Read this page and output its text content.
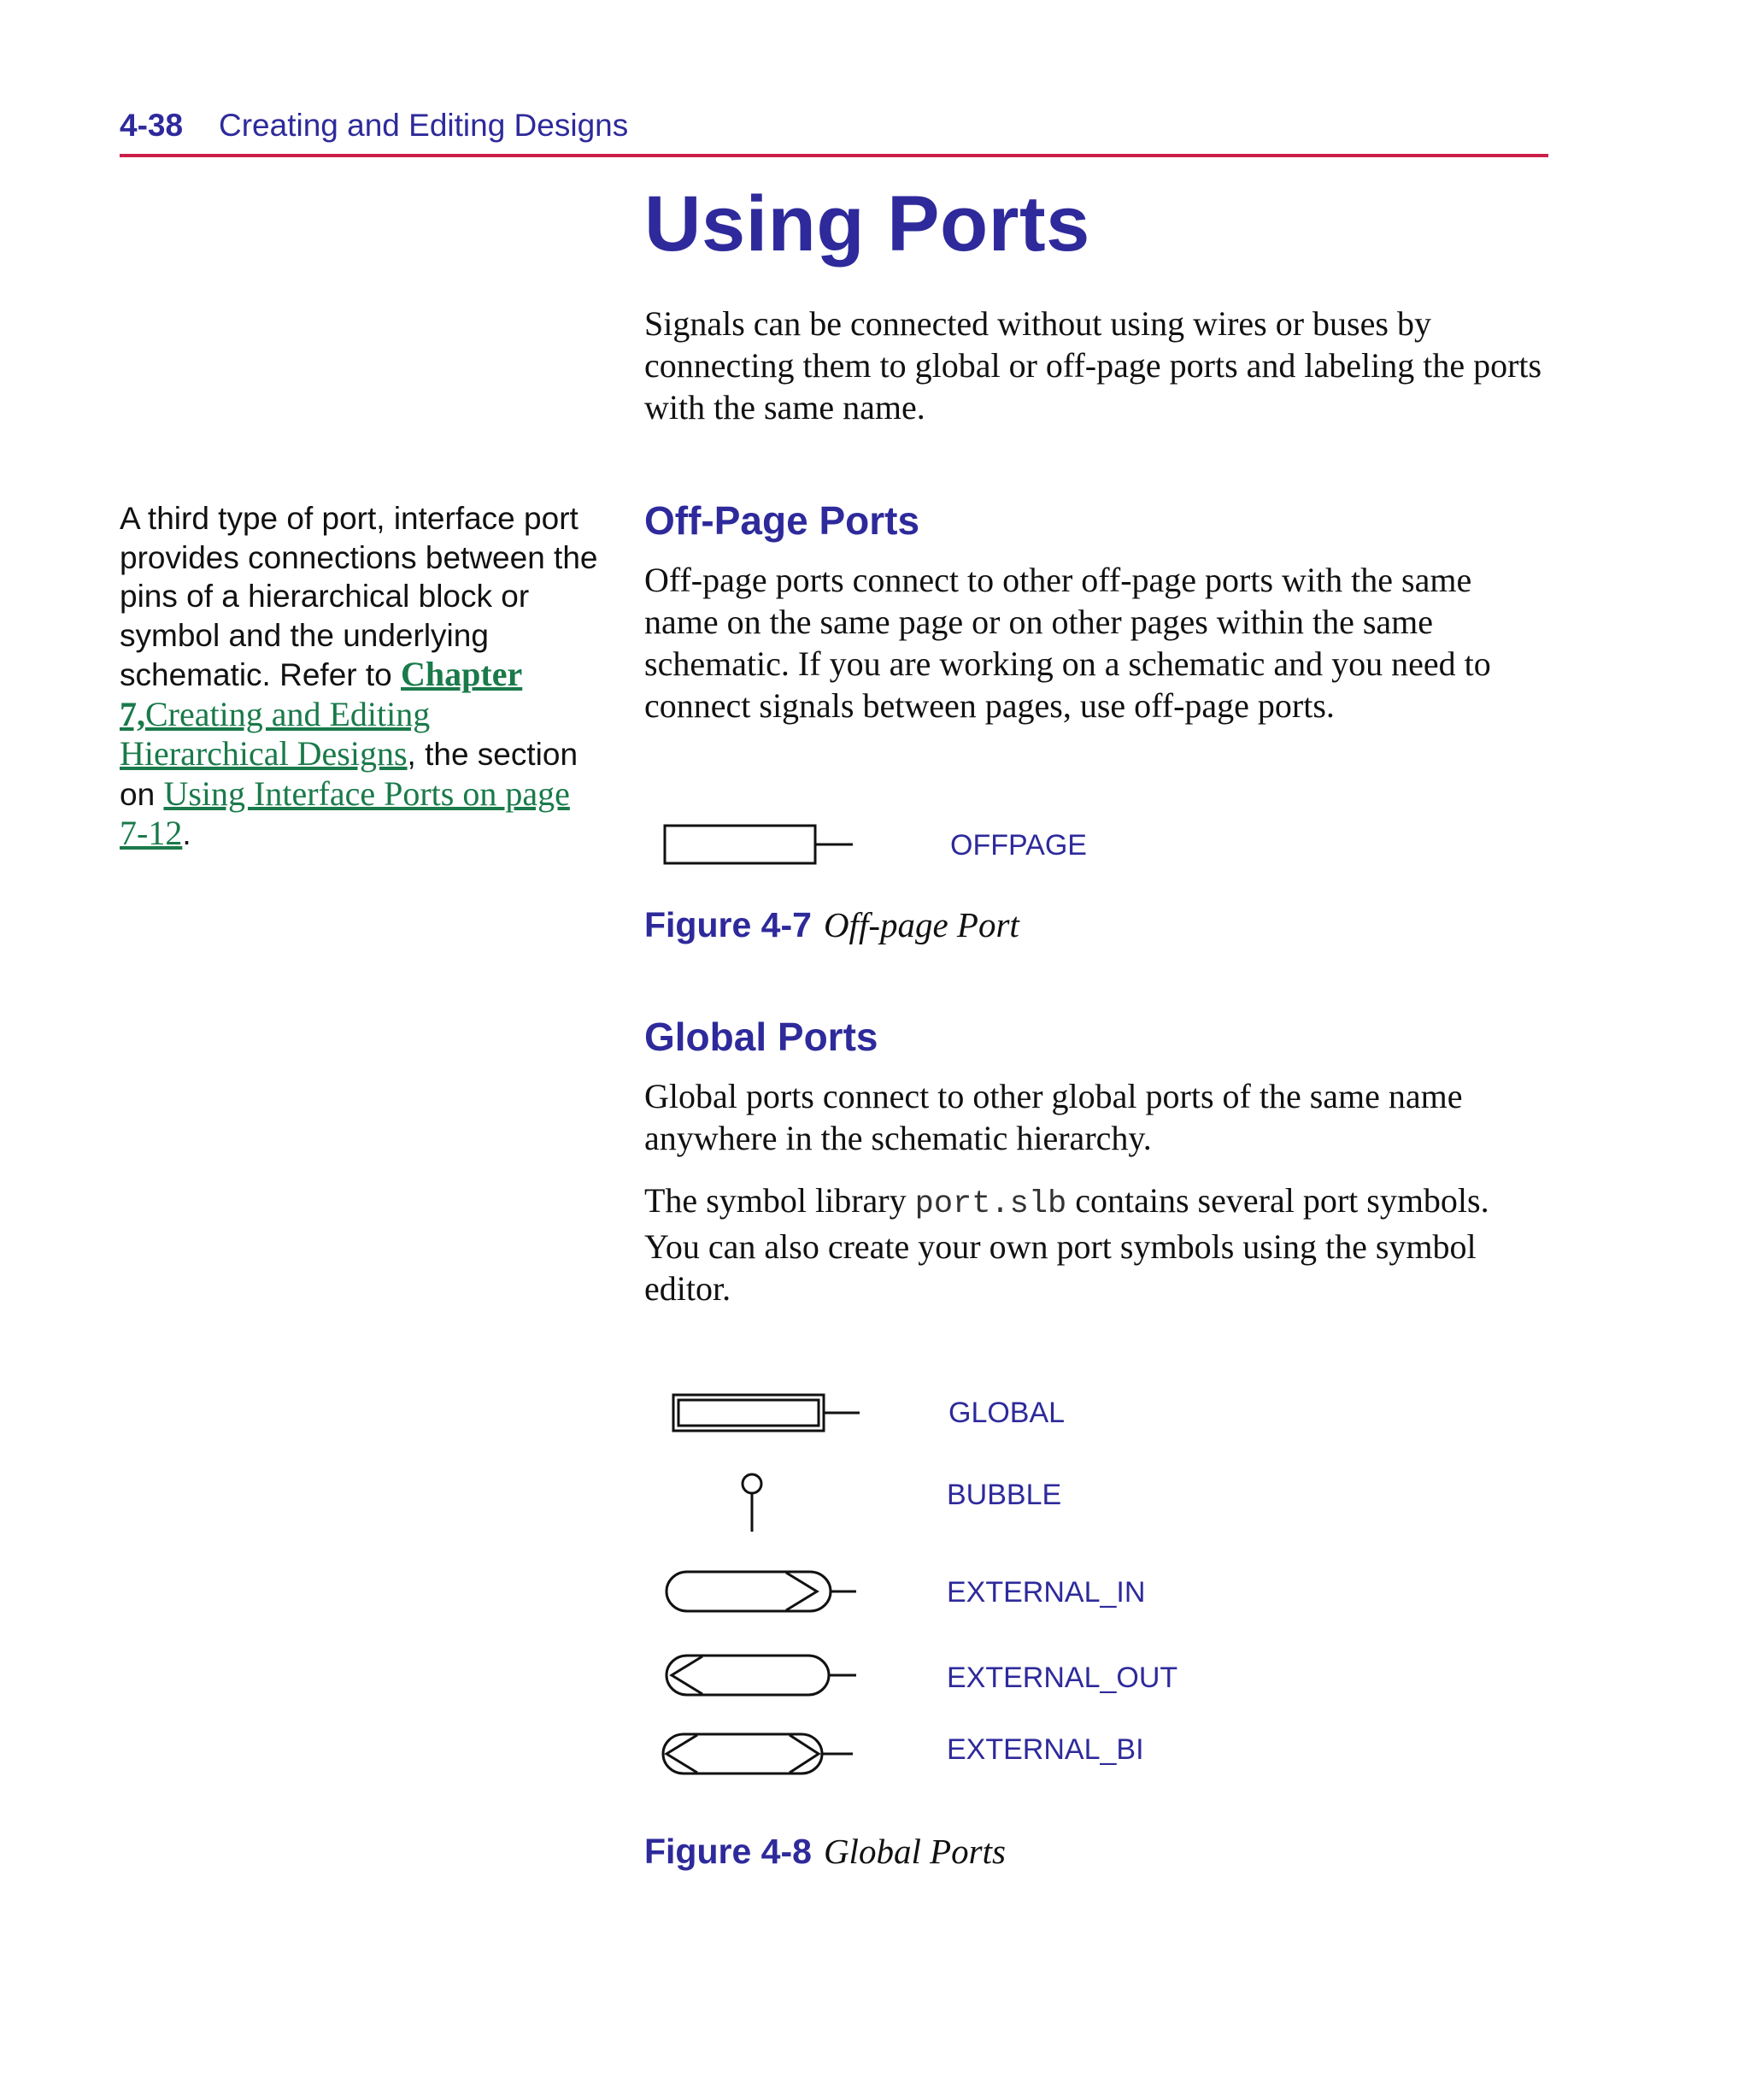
4-38 Creating and Editing Designs
Using Ports

Signals can be connected without using wires or buses by connecting them to global or off-page ports and labeling the ports with the same name.

A third type of port, interface port provides connections between the pins of a hierarchical block or symbol and the underlying schematic. Refer to Chapter 7,Creating and Editing Hierarchical Designs, the section on Using Interface Ports on page 7-12.
Off-Page Ports

Off-page ports connect to other off-page ports with the same name on the same page or on other pages within the same schematic. If you are working on a schematic and you need to connect signals between pages, use off-page ports.

OFFPAGE
Figure 4-7 Off-page Port
Global Ports

Global ports connect to other global ports of the same name anywhere in the schematic hierarchy.

The symbol library port.slb contains several port symbols. You can also create your own port symbols using the symbol editor.

GLOBAL
BUBBLE
EXTERNAL_IN
EXTERNAL_OUT
EXTERNAL_BI
Figure 4-8 Global Ports
